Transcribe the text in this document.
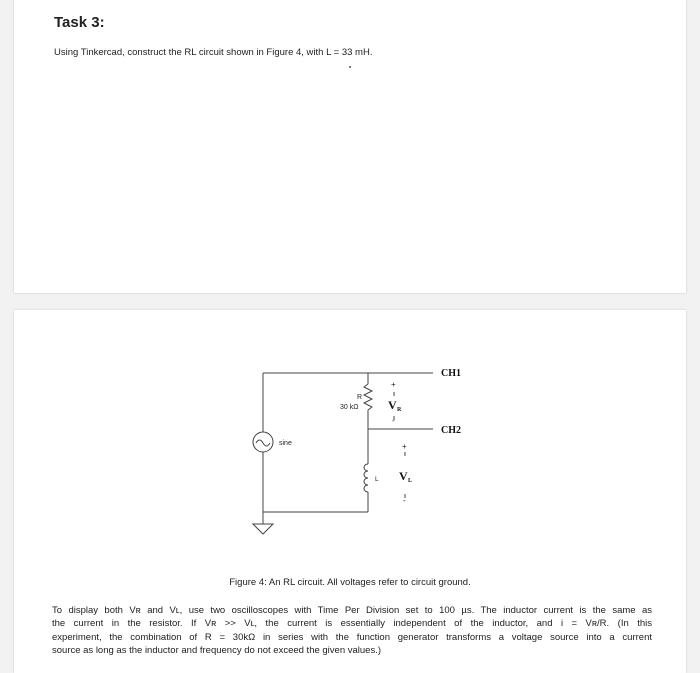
Task 3:
Using Tinkercad, construct the RL circuit shown in Figure 4, with L = 33 mH.
CH1
CH2
R
30 kΩ
L
sine
+
-
V R
+
-
V L
Figure 4: An RL circuit. All voltages refer to circuit ground.
To display both Vʀ and Vʟ, use two oscilloscopes with Time Per Division set to 100 µs. The inductor current is the same as
the current in the resistor. If Vʀ >> Vʟ, the current is essentially independent of the inductor, and i = Vʀ/R. (In this
experiment, the combination of R = 30kΩ in series with the function generator transforms a voltage source into a current
source as long as the inductor and frequency do not exceed the given values.)
